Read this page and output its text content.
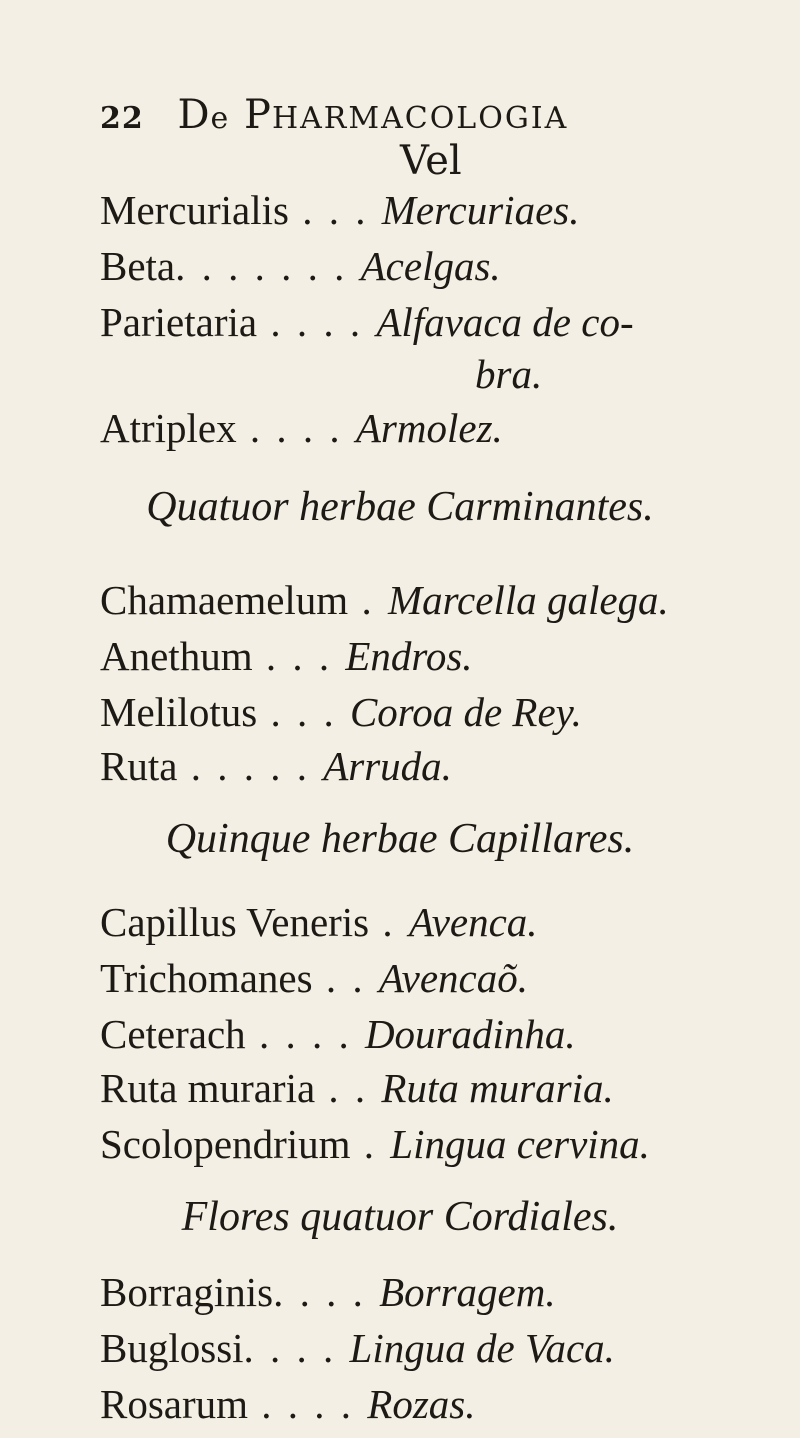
22 De PHARMACOLOGIA
Vel
Mercurialis . . . Mercuriaes.
Beta. . . . . . . Acelgas.
Parietaria . . . . Alfavaca de co-
bra.
Atriplex . . . . Armolez.
Quatuor herbae Carminantes.
Chamaemelum . Marcella galega.
Anethum . . . Endros.
Melilotus . . . Coroa de Rey.
Ruta . . . . . Arruda.
Quinque herbae Capillares.
Capillus Veneris . Avenca.
Trichomanes . . Avencaõ.
Ceterach . . . . Douradinha.
Ruta muraria . . Ruta muraria.
Scolopendrium . Lingua cervina.
Flores quatuor Cordiales.
Borraginis. . . . Borragem.
Buglossi. . . . Lingua de Vaca.
Rosarum . . . . Rozas.
